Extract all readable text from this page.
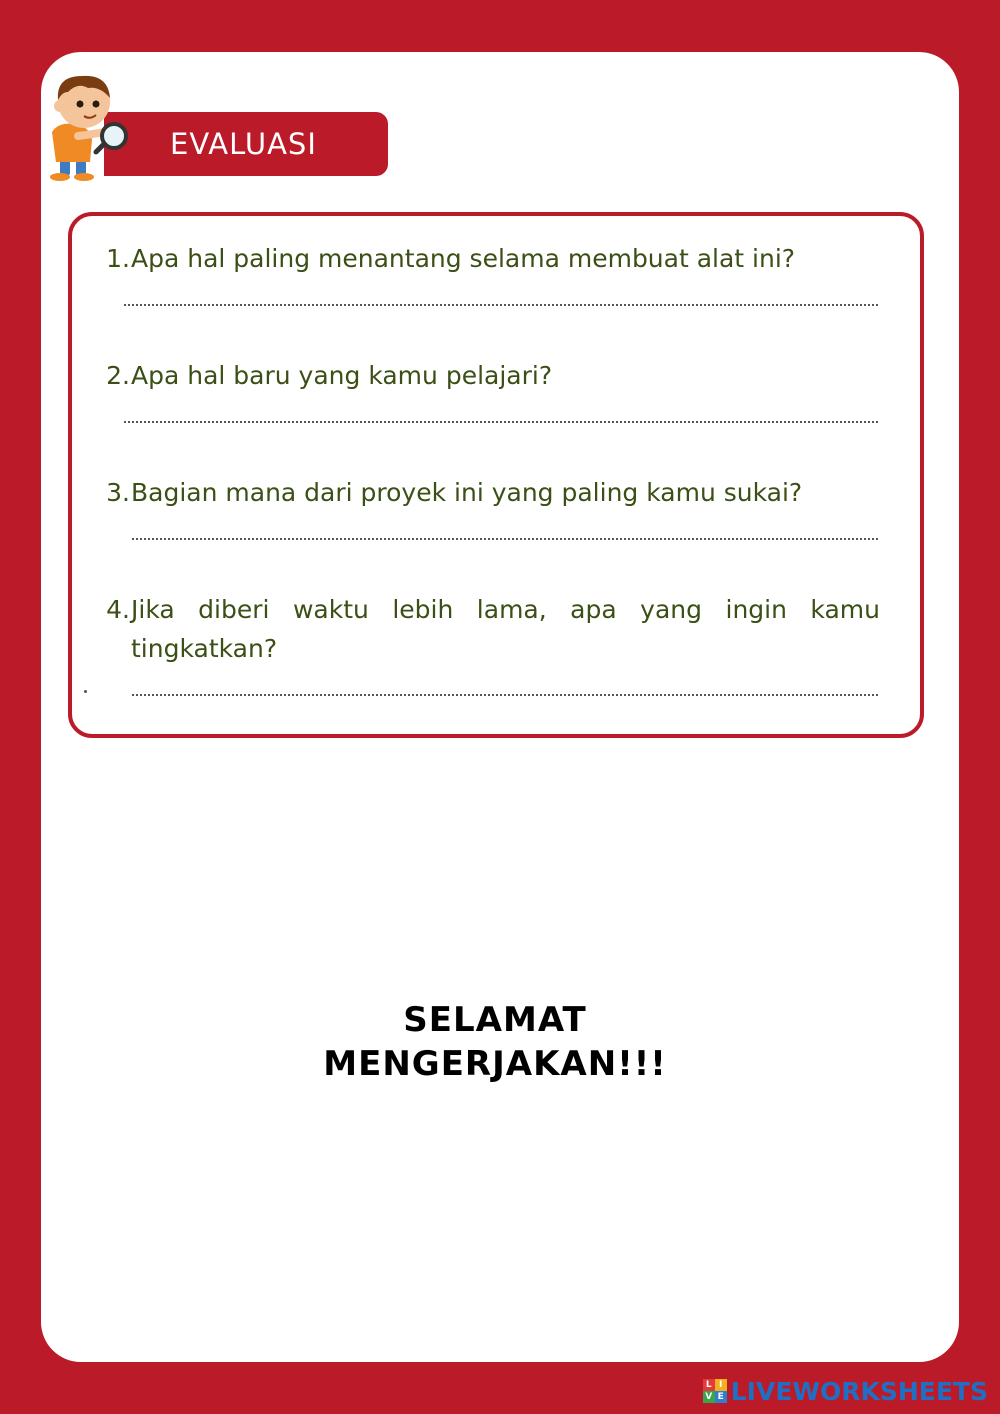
EVALUASI
1. Apa hal paling menantang selama membuat alat ini?
2. Apa hal baru yang kamu pelajari?
3. Bagian mana dari proyek ini yang paling kamu sukai?
4. Jika diberi waktu lebih lama, apa yang ingin kamu tingkatkan?
SELAMAT
MENGERJAKAN!!!
L I
V E LIVEWORKSHEETS
